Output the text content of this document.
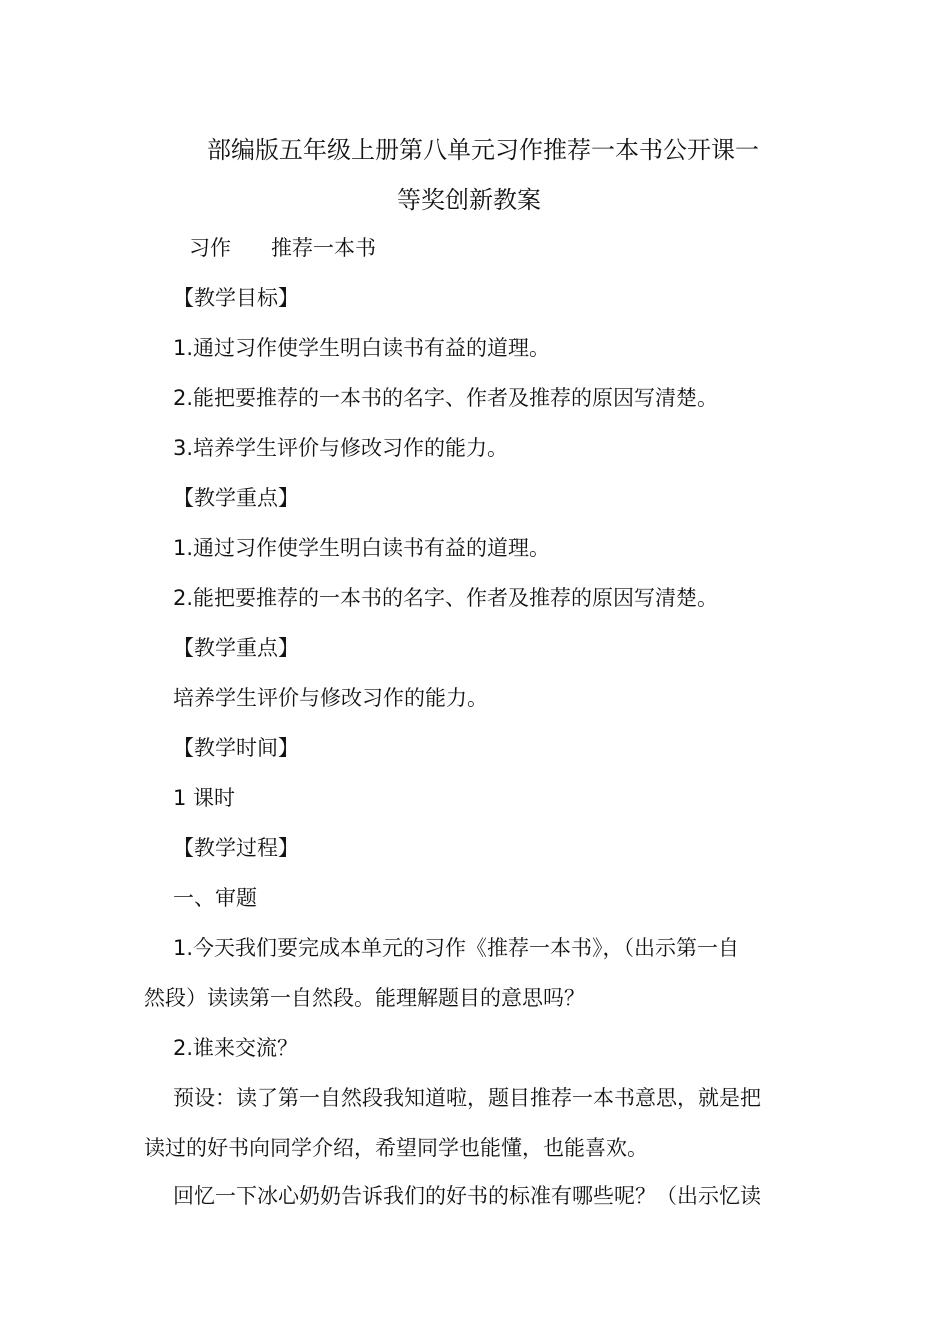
部编版五年级上册第八单元习作推荐一本书公开课一
等奖创新教案
习作 推荐一本书
【教学目标】
1.通过习作使学生明白读书有益的道理。
2.能把要推荐的一本书的名字、作者及推荐的原因写清楚。
3.培养学生评价与修改习作的能力。
【教学重点】
1.通过习作使学生明白读书有益的道理。
2.能把要推荐的一本书的名字、作者及推荐的原因写清楚。
【教学重点】
培养学生评价与修改习作的能力。
【教学时间】
1 课时
【教学过程】
一、审题
1.今天我们要完成本单元的习作《推荐一本书》，（出示第一自
然段）读读第一自然段。能理解题目的意思吗？
2.谁来交流？
预设：读了第一自然段我知道啦，题目推荐一本书意思，就是把
读过的好书向同学介绍，希望同学也能懂，也能喜欢。
回忆一下冰心奶奶告诉我们的好书的标准有哪些呢？（出示忆读
